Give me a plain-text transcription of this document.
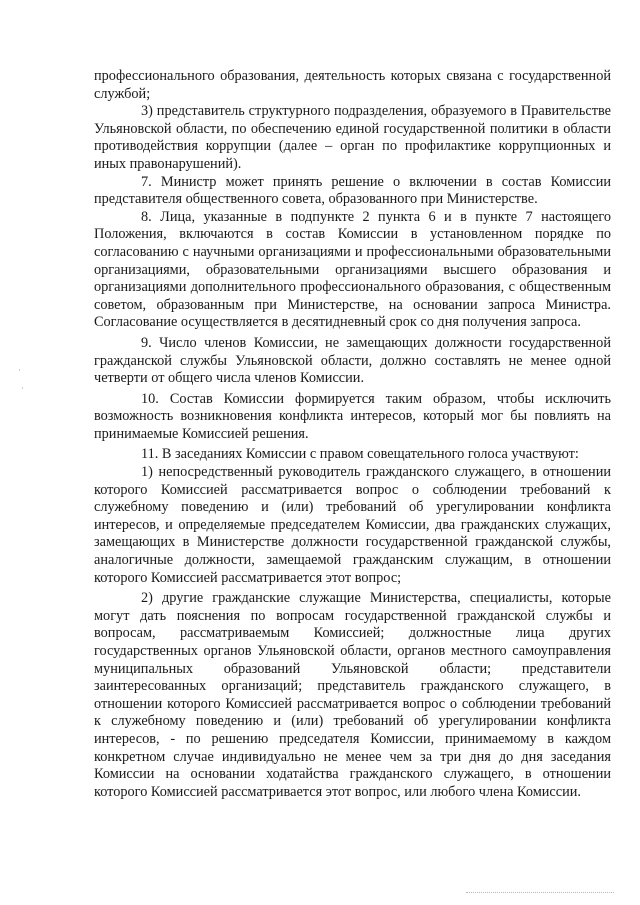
профессионального образования, деятельность которых связана с государственной службой;

3) представитель структурного подразделения, образуемого в Правительстве Ульяновской области, по обеспечению единой государственной политики в области противодействия коррупции (далее – орган по профилактике коррупционных и иных правонарушений).

7. Министр может принять решение о включении в состав Комиссии представителя общественного совета, образованного при Министерстве.

8. Лица, указанные в подпункте 2 пункта 6 и в пункте 7 настоящего Положения, включаются в состав Комиссии в установленном порядке по согласованию с научными организациями и профессиональными образовательными организациями, образовательными организациями высшего образования и организациями дополнительного профессионального образования, с общественным советом, образованным при Министерстве, на основании запроса Министра. Согласование осуществляется в десятидневный срок со дня получения запроса.

9. Число членов Комиссии, не замещающих должности государственной гражданской службы Ульяновской области, должно составлять не менее одной четверти от общего числа членов Комиссии.

10. Состав Комиссии формируется таким образом, чтобы исключить возможность возникновения конфликта интересов, который мог бы повлиять на принимаемые Комиссией решения.

11. В заседаниях Комиссии с правом совещательного голоса участвуют:

1) непосредственный руководитель гражданского служащего, в отношении которого Комиссией рассматривается вопрос о соблюдении требований к служебному поведению и (или) требований об урегулировании конфликта интересов, и определяемые председателем Комиссии, два гражданских служащих, замещающих в Министерстве должности государственной гражданской службы, аналогичные должности, замещаемой гражданским служащим, в отношении которого Комиссией рассматривается этот вопрос;

2) другие гражданские служащие Министерства, специалисты, которые могут дать пояснения по вопросам государственной гражданской службы и вопросам, рассматриваемым Комиссией; должностные лица других государственных органов Ульяновской области, органов местного самоуправления муниципальных образований Ульяновской области; представители заинтересованных организаций; представитель гражданского служащего, в отношении которого Комиссией рассматривается вопрос о соблюдении требований к служебному поведению и (или) требований об урегулировании конфликта интересов, - по решению председателя Комиссии, принимаемому в каждом конкретном случае индивидуально не менее чем за три дня до дня заседания Комиссии на основании ходатайства гражданского служащего, в отношении которого Комиссией рассматривается этот вопрос, или любого члена Комиссии.

·
·
